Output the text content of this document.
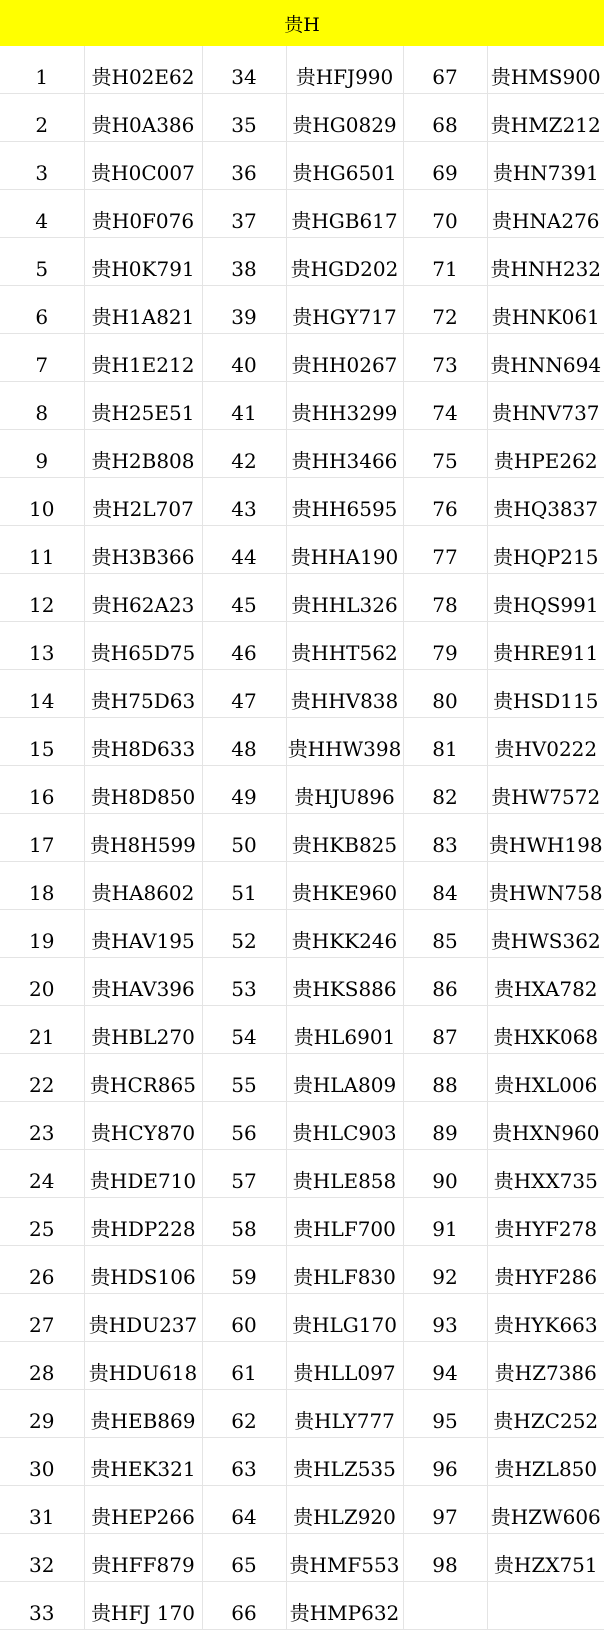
贵H
1	贵H02E62	34	贵HFJ990	67	贵HMS900
2	贵H0A386	35	贵HG0829	68	贵HMZ212
3	贵H0C007	36	贵HG6501	69	贵HN7391
4	贵H0F076	37	贵HGB617	70	贵HNA276
5	贵H0K791	38	贵HGD202	71	贵HNH232
6	贵H1A821	39	贵HGY717	72	贵HNK061
7	贵H1E212	40	贵HH0267	73	贵HNN694
8	贵H25E51	41	贵HH3299	74	贵HNV737
9	贵H2B808	42	贵HH3466	75	贵HPE262
10	贵H2L707	43	贵HH6595	76	贵HQ3837
11	贵H3B366	44	贵HHA190	77	贵HQP215
12	贵H62A23	45	贵HHL326	78	贵HQS991
13	贵H65D75	46	贵HHT562	79	贵HRE911
14	贵H75D63	47	贵HHV838	80	贵HSD115
15	贵H8D633	48	贵HHW398	81	贵HV0222
16	贵H8D850	49	贵HJU896	82	贵HW7572
17	贵H8H599	50	贵HKB825	83	贵HWH198
18	贵HA8602	51	贵HKE960	84	贵HWN758
19	贵HAV195	52	贵HKK246	85	贵HWS362
20	贵HAV396	53	贵HKS886	86	贵HXA782
21	贵HBL270	54	贵HL6901	87	贵HXK068
22	贵HCR865	55	贵HLA809	88	贵HXL006
23	贵HCY870	56	贵HLC903	89	贵HXN960
24	贵HDE710	57	贵HLE858	90	贵HXX735
25	贵HDP228	58	贵HLF700	91	贵HYF278
26	贵HDS106	59	贵HLF830	92	贵HYF286
27	贵HDU237	60	贵HLG170	93	贵HYK663
28	贵HDU618	61	贵HLL097	94	贵HZ7386
29	贵HEB869	62	贵HLY777	95	贵HZC252
30	贵HEK321	63	贵HLZ535	96	贵HZL850
31	贵HEP266	64	贵HLZ920	97	贵HZW606
32	贵HFF879	65	贵HMF553	98	贵HZX751
33	贵HFJ 170	66	贵HMP632		
